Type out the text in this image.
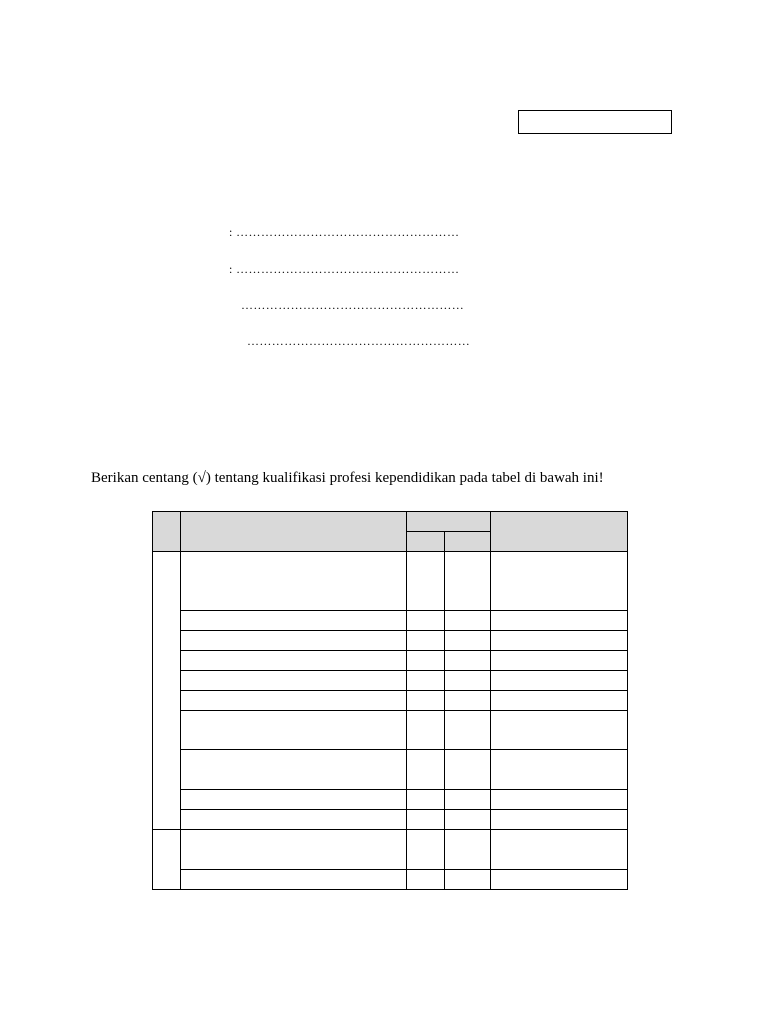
: ………………………………………………
: ………………………………………………
………………………………………………
………………………………………………
Berikan centang (√) tentang kualifikasi profesi kependidikan pada tabel di bawah ini!
